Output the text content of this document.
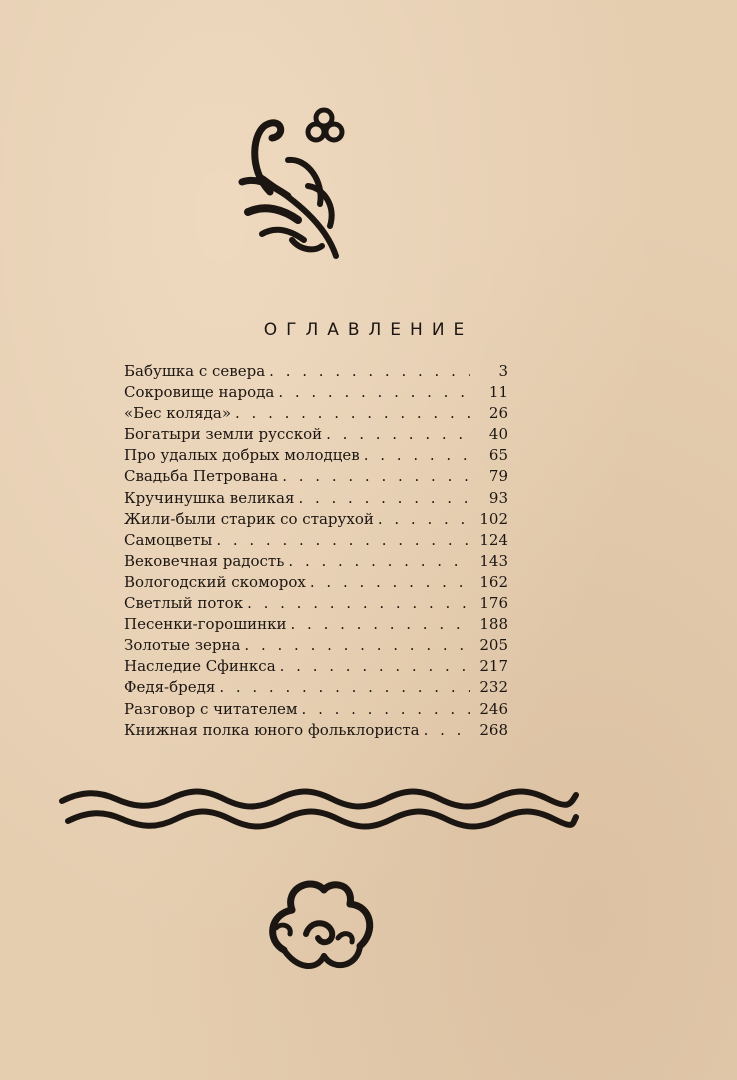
ОГЛАВЛЕНИЕ
Бабушка с севера . . .	3
Сокровище народа . . .	11
«Бес коляда» . . .	26
Богатыри земли русской . . .	40
Про удалых добрых молодцев . . .	65
Свадьба Петрована . . .	79
Кручинушка великая . . .	93
Жили-были старик со старухой . . .	102
Самоцветы . . .	124
Вековечная радость . . .	143
Вологодский скоморох . . .	162
Светлый поток . . .	176
Песенки-горошинки . . .	188
Золотые зерна . . .	205
Наследие Сфинкса . . .	217
Федя-бредя . . .	232
Разговор с читателем . . .	246
Книжная полка юного фольклориста . . .	268
